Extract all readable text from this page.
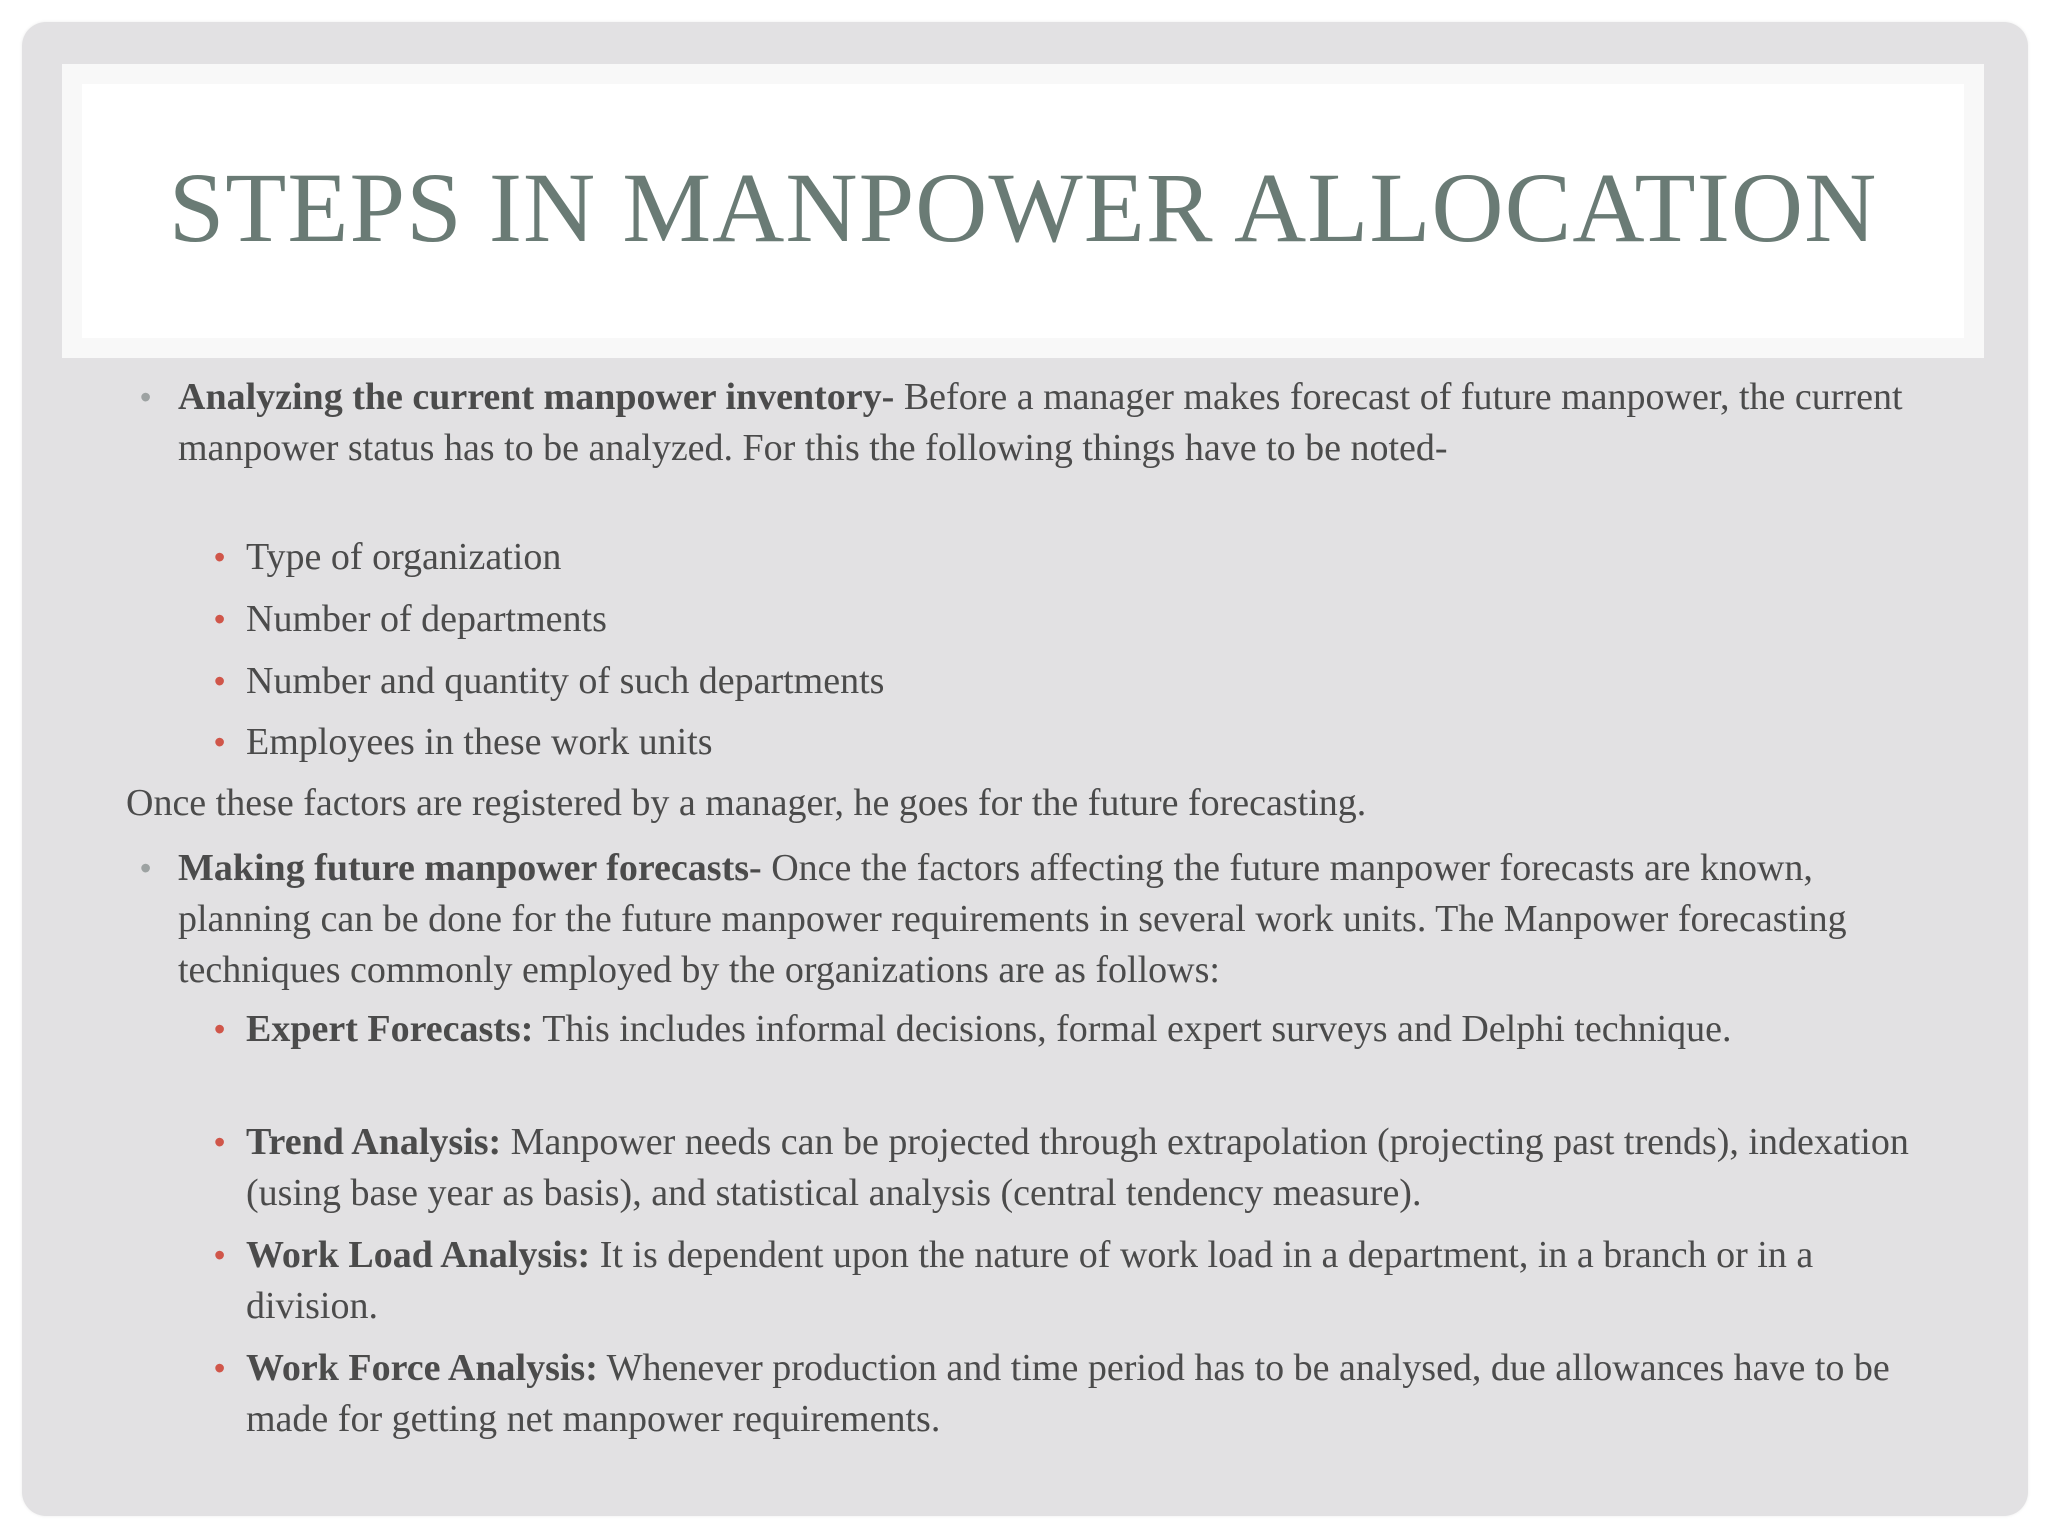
STEPS IN MANPOWER ALLOCATION
• Analyzing the current manpower inventory- Before a manager makes forecast of future manpower, the current manpower status has to be analyzed. For this the following things have to be noted-
• Type of organization
• Number of departments
• Number and quantity of such departments
• Employees in these work units
Once these factors are registered by a manager, he goes for the future forecasting.
• Making future manpower forecasts- Once the factors affecting the future manpower forecasts are known, planning can be done for the future manpower requirements in several work units. The Manpower forecasting techniques commonly employed by the organizations are as follows:
• Expert Forecasts: This includes informal decisions, formal expert surveys and Delphi technique.
• Trend Analysis: Manpower needs can be projected through extrapolation (projecting past trends), indexation (using base year as basis), and statistical analysis (central tendency measure).
• Work Load Analysis: It is dependent upon the nature of work load in a department, in a branch or in a division.
• Work Force Analysis: Whenever production and time period has to be analysed, due allowances have to be made for getting net manpower requirements.
